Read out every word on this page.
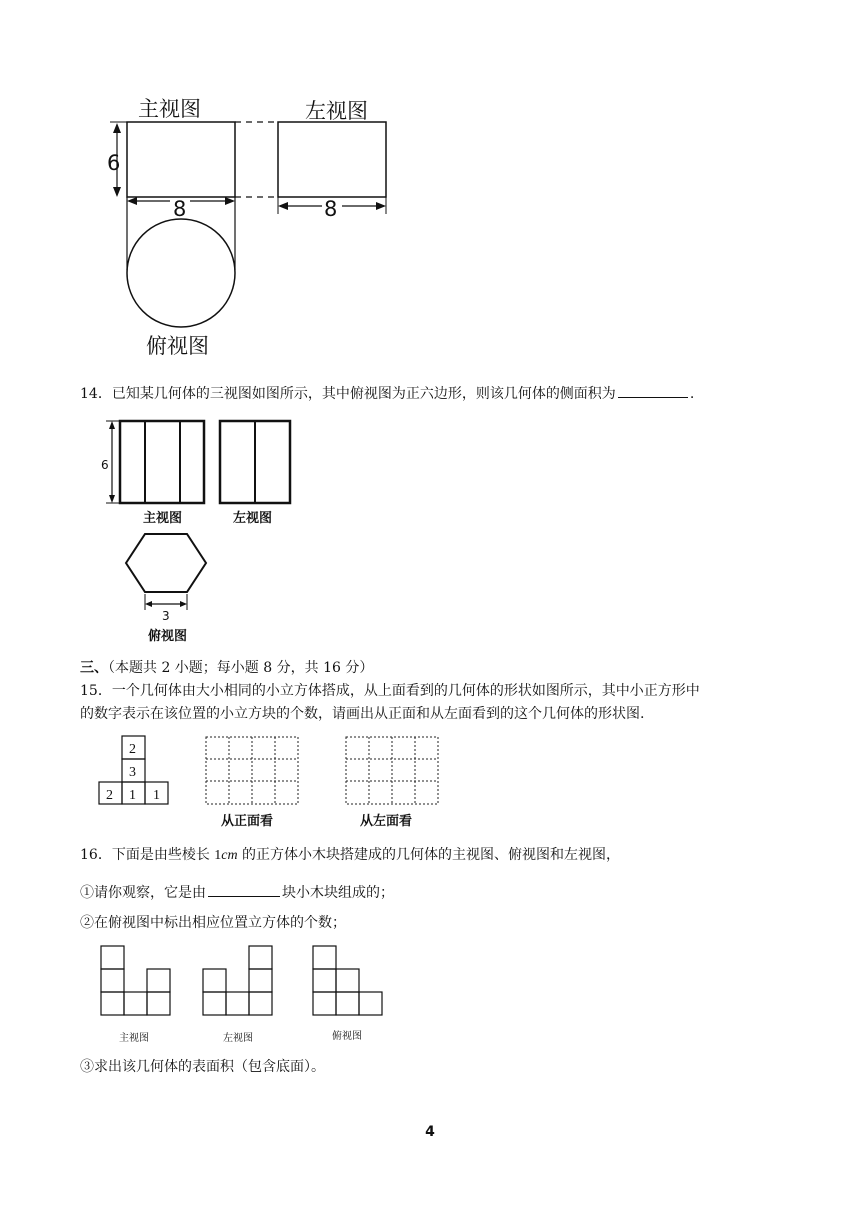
主视图	左视图
6
8	8
俯视图
14．已知某几何体的三视图如图所示，其中俯视图为正六边形，则该几何体的侧面积为	.
6
主视图	左视图
3
俯视图
三、（本题共 2 小题；每小题 8 分，共 16 分）
15．一个几何体由大小相同的小立方体搭成，从上面看到的几何体的形状如图所示，其中小正方形中
的数字表示在该位置的小立方块的个数，请画出从正面和从左面看到的这个几何体的形状图.
2
3
2 1 1
从正面看	从左面看
16．下面是由些棱长 1cm 的正方体小木块搭建成的几何体的主视图、俯视图和左视图，
①请你观察，它是由	块小木块组成的；
②在俯视图中标出相应位置立方体的个数；
主视图	左视图	俯视图
③求出该几何体的表面积（包含底面）。
4
